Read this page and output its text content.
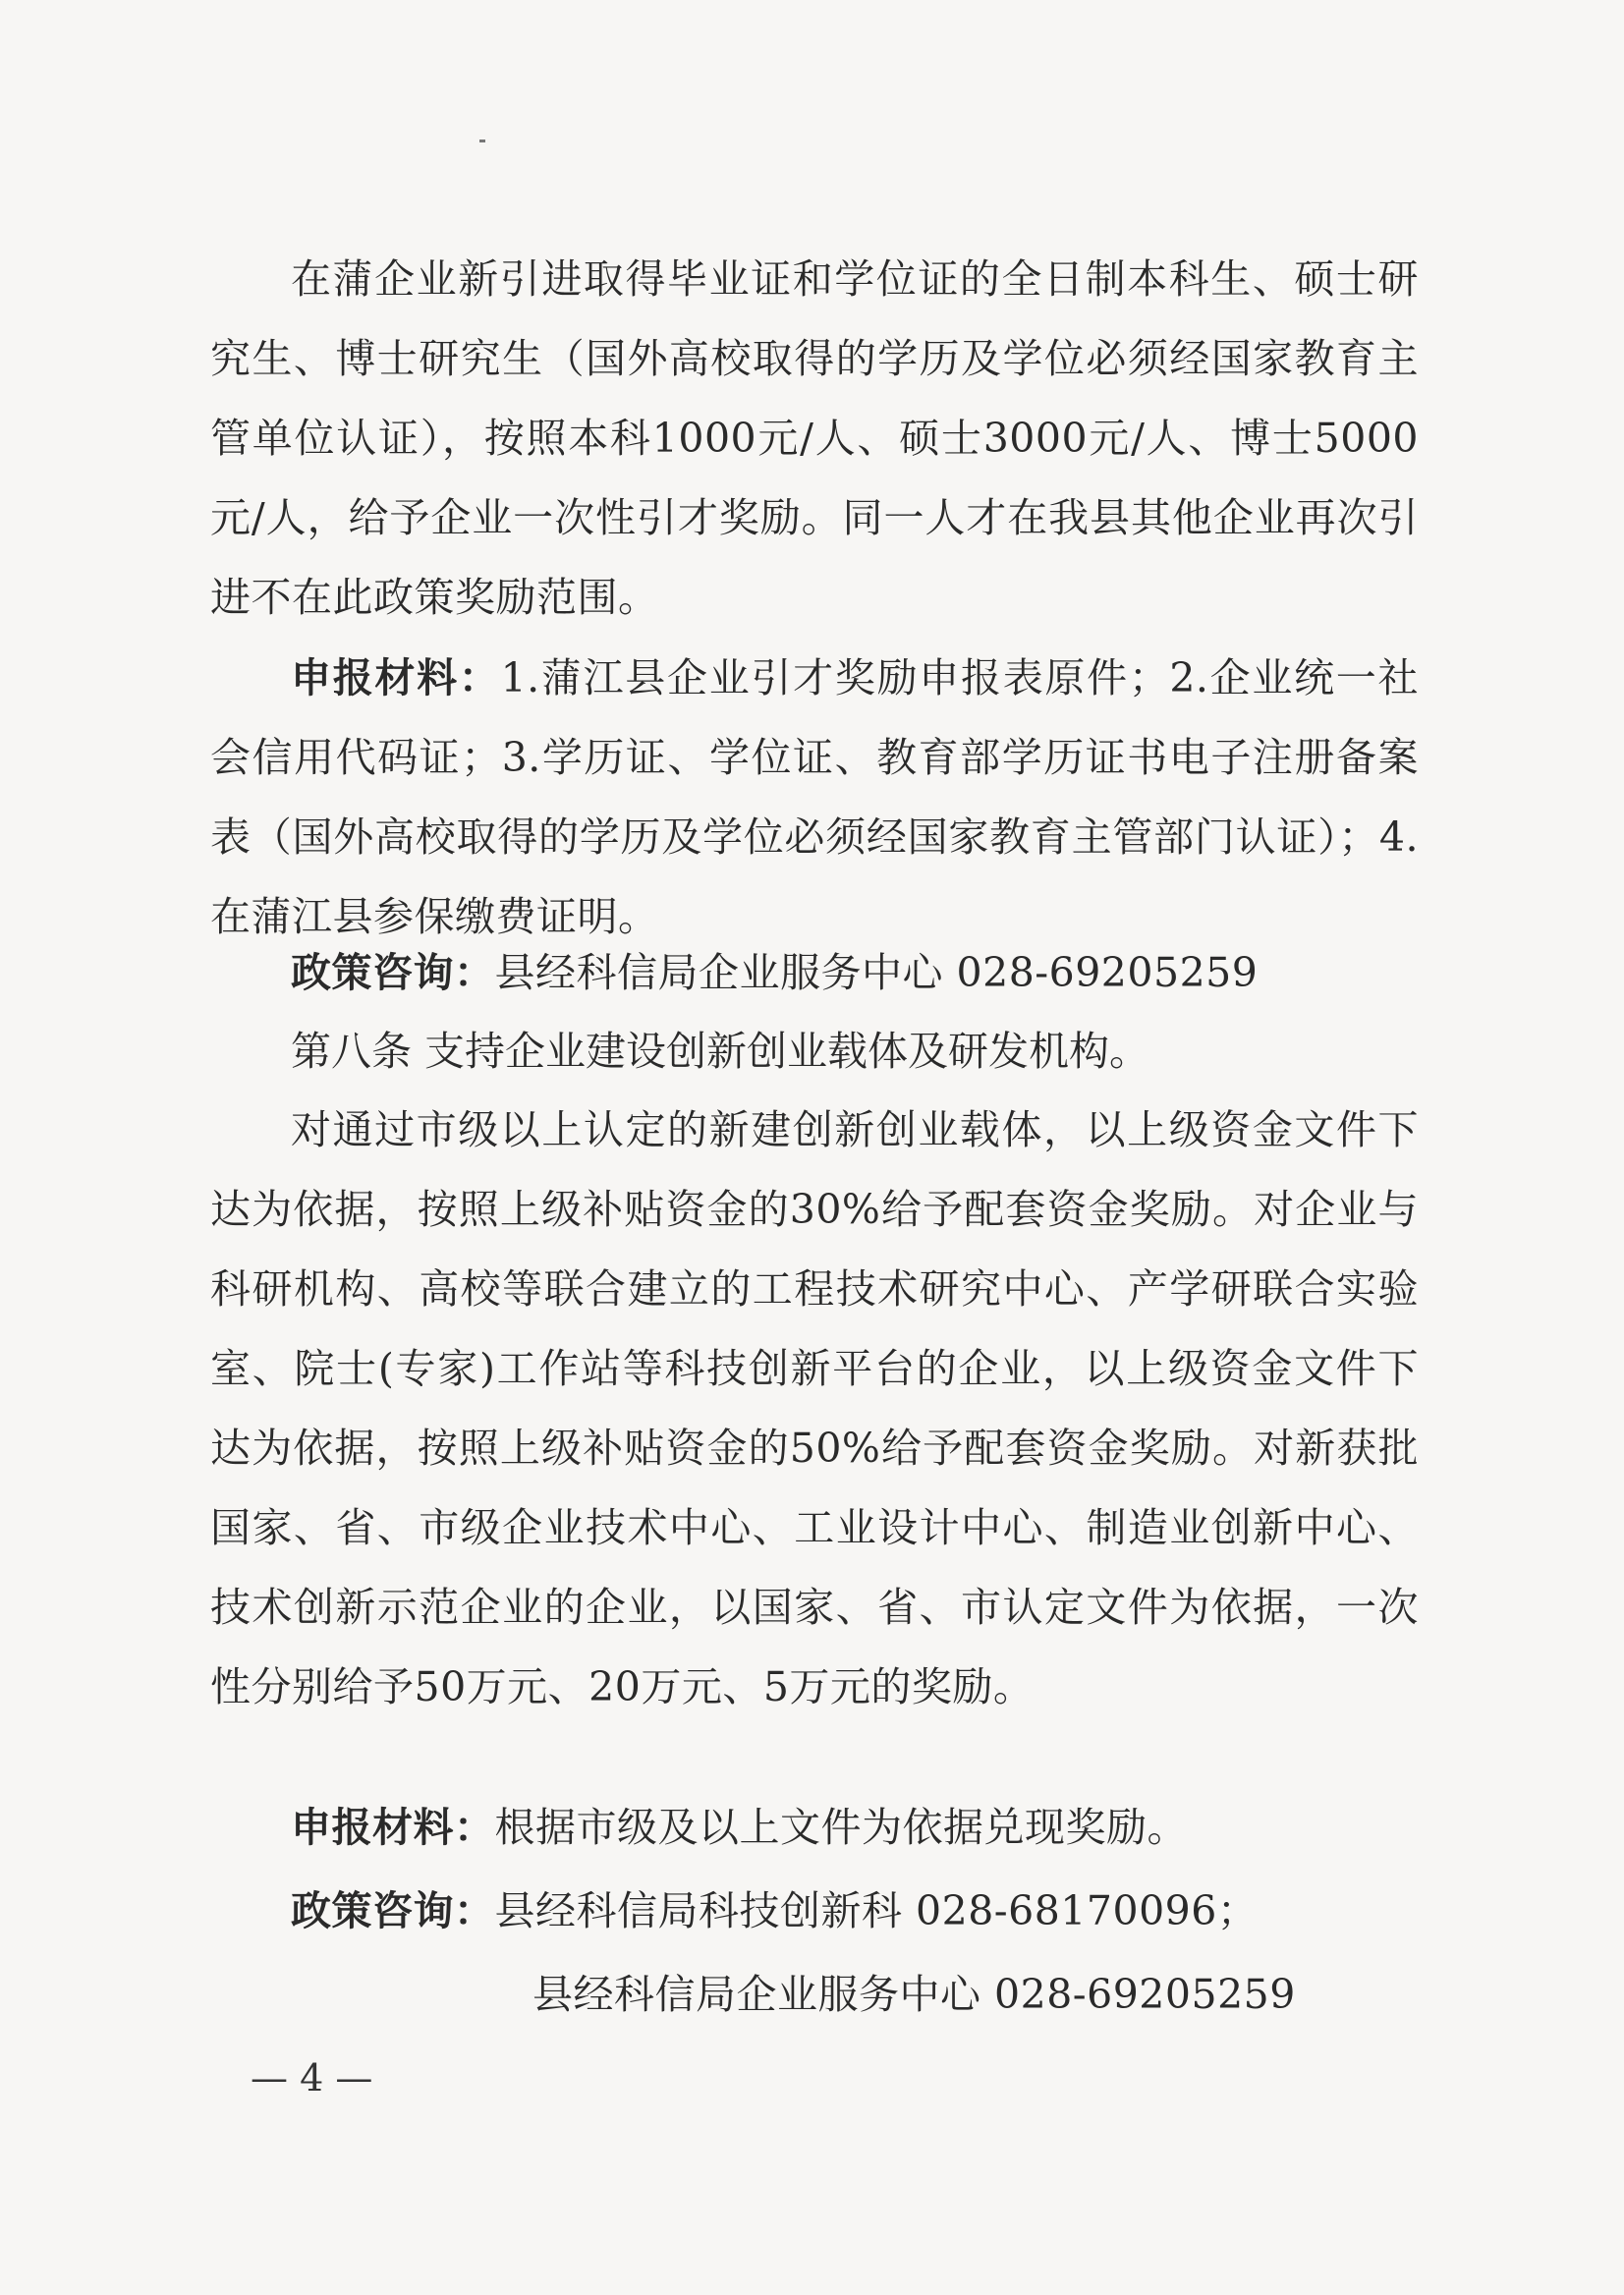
在蒲企业新引进取得毕业证和学位证的全日制本科生、硕士研究生、博士研究生（国外高校取得的学历及学位必须经国家教育主管单位认证），按照本科1000元/人、硕士3000元/人、博士5000元/人，给予企业一次性引才奖励。同一人才在我县其他企业再次引进不在此政策奖励范围。

申报材料：1.蒲江县企业引才奖励申报表原件；2.企业统一社会信用代码证；3.学历证、学位证、教育部学历证书电子注册备案表（国外高校取得的学历及学位必须经国家教育主管部门认证）；4.在蒲江县参保缴费证明。

政策咨询：县经科信局企业服务中心 028-69205259

第八条 支持企业建设创新创业载体及研发机构。

对通过市级以上认定的新建创新创业载体，以上级资金文件下达为依据，按照上级补贴资金的30%给予配套资金奖励。对企业与科研机构、高校等联合建立的工程技术研究中心、产学研联合实验室、院士(专家)工作站等科技创新平台的企业，以上级资金文件下达为依据，按照上级补贴资金的50%给予配套资金奖励。对新获批国家、省、市级企业技术中心、工业设计中心、制造业创新中心、技术创新示范企业的企业，以国家、省、市认定文件为依据，一次性分别给予50万元、20万元、5万元的奖励。

申报材料：根据市级及以上文件为依据兑现奖励。

政策咨询：县经科信局科技创新科 028-68170096；

县经科信局企业服务中心 028-69205259

— 4 —
